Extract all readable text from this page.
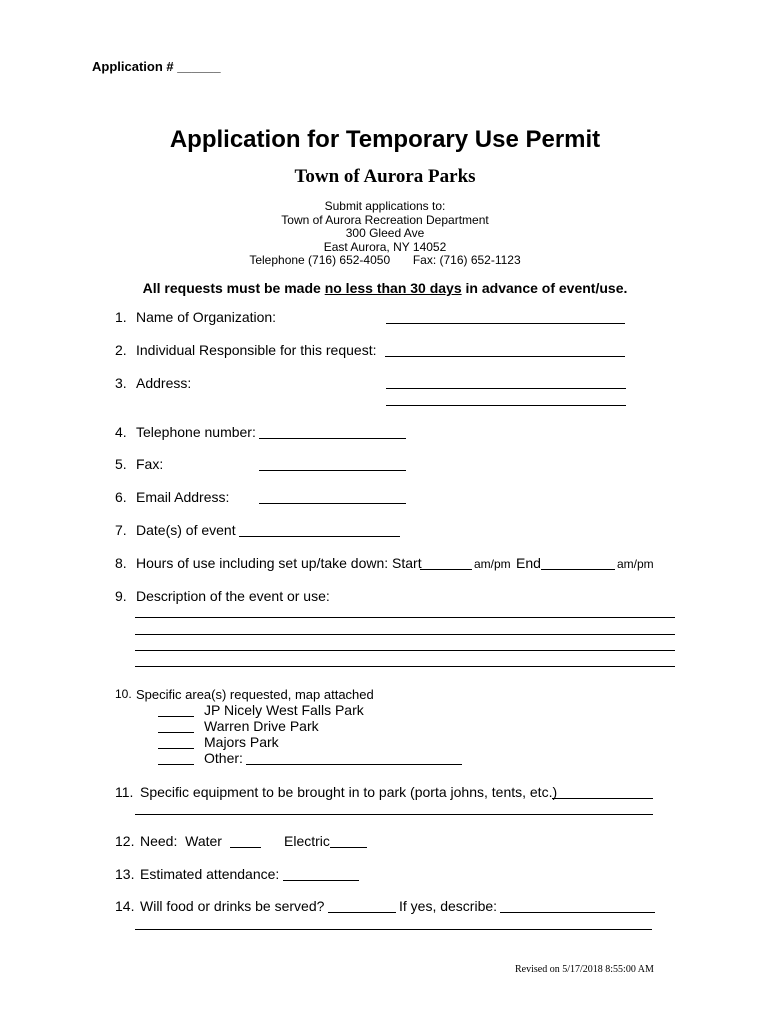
Application # ______
Application for Temporary Use Permit
Town of Aurora Parks
Submit applications to:
Town of Aurora Recreation Department
300 Gleed Ave
East Aurora, NY 14052
Telephone (716) 652-4050 Fax: (716) 652-1123
All requests must be made no less than 30 days in advance of event/use.
1. Name of Organization:
2. Individual Responsible for this request:
3. Address:
4. Telephone number:
5. Fax:
6. Email Address:
7. Date(s) of event
8. Hours of use including set up/take down: Start	am/pm End	am/pm
9. Description of the event or use:
10. Specific area(s) requested, map attached
JP Nicely West Falls Park
Warren Drive Park
Majors Park
Other:
11. Specific equipment to be brought in to park (porta johns, tents, etc.)
12. Need:  Water	Electric
13. Estimated attendance:
14. Will food or drinks be served?	If yes, describe:
Revised on 5/17/2018 8:55:00 AM
